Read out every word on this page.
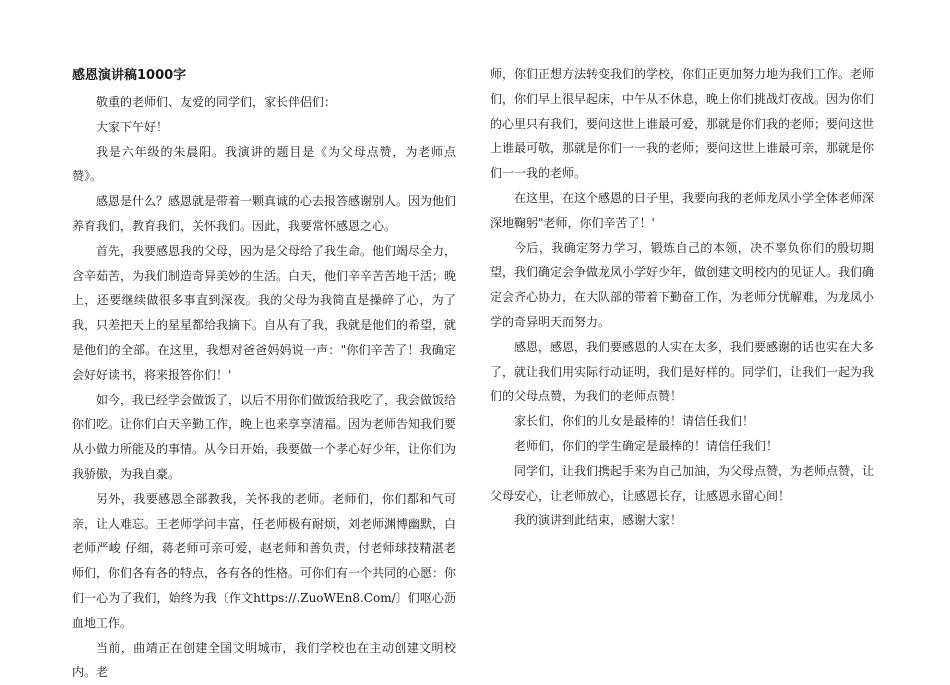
感恩演讲稿1000字

敬重的老师们、友爱的同学们，家长伴侣们：

大家下午好！

我是六年级的朱晨阳。我演讲的题目是《为父母点赞，为老师点赞》。

感恩是什么？感恩就是带着一颗真诚的心去报答感谢别人。因为他们养育我们，教育我们，关怀我们。因此，我要常怀感恩之心。

首先，我要感恩我的父母，因为是父母给了我生命。他们竭尽全力，含辛茹苦，为我们制造奇异美妙的生活。白天，他们辛辛苦苦地干活；晚上，还要继续做很多事直到深夜。我的父母为我简直是操碎了心，为了我，只差把天上的星星都给我摘下。自从有了我，我就是他们的希望，就是他们的全部。在这里，我想对爸爸妈妈说一声："你们辛苦了！我确定会好好读书，将来报答你们！'

如今，我已经学会做饭了，以后不用你们做饭给我吃了，我会做饭给你们吃。让你们白天辛勤工作，晚上也来享享清福。因为老师告知我们要从小做力所能及的事情。从今日开始，我要做一个孝心好少年，让你们为我骄傲，为我自豪。

另外，我要感恩全部教我，关怀我的老师。老师们，你们都和气可亲，让人难忘。王老师学问丰富，任老师极有耐烦，刘老师渊博幽默，白老师严峻 仔细，蒋老师可亲可爱，赵老师和善负责，付老师球技精湛老师们，你们各有各的特点，各有各的性格。可你们有一个共同的心愿：你们一心为了我们，始终为我〔作文https://.ZuoWEn8.Com/〕们呕心沥血地工作。

当前，曲靖正在创建全国文明城市，我们学校也在主动创建文明校内。老

师，你们正想方法转变我们的学校，你们正更加努力地为我们工作。老师们，你们早上很早起床，中午从不休息，晚上你们挑战灯夜战。因为你们的心里只有我们，要问这世上谁最可爱，那就是你们我的老师；要问这世上谁最可敬，那就是你们一一我的老师；要问这世上谁最可亲，那就是你们一一我的老师。

在这里，在这个感恩的日子里，我要向我的老师龙凤小学全体老师深深地鞠躬"老师，你们辛苦了！'

今后，我确定努力学习，锻炼自己的本领，决不辜负你们的殷切期望，我们确定会争做龙凤小学好少年，做创建文明校内的见证人。我们确定会齐心协力，在大队部的带着下勤奋工作，为老师分忧解难，为龙凤小学的奇异明天而努力。

感恩，感恩，我们要感恩的人实在太多，我们要感谢的话也实在大多了，就让我们用实际行动证明，我们是好样的。同学们，让我们一起为我们的父母点赞，为我们的老师点赞！

家长们，你们的儿女是最棒的！请信任我们！

老师们，你们的学生确定是最棒的！请信任我们！

同学们，让我们携起手来为自己加油，为父母点赞，为老师点赞，让父母安心，让老师放心，让感恩长存，让感恩永留心间！

我的演讲到此结束，感谢大家！
